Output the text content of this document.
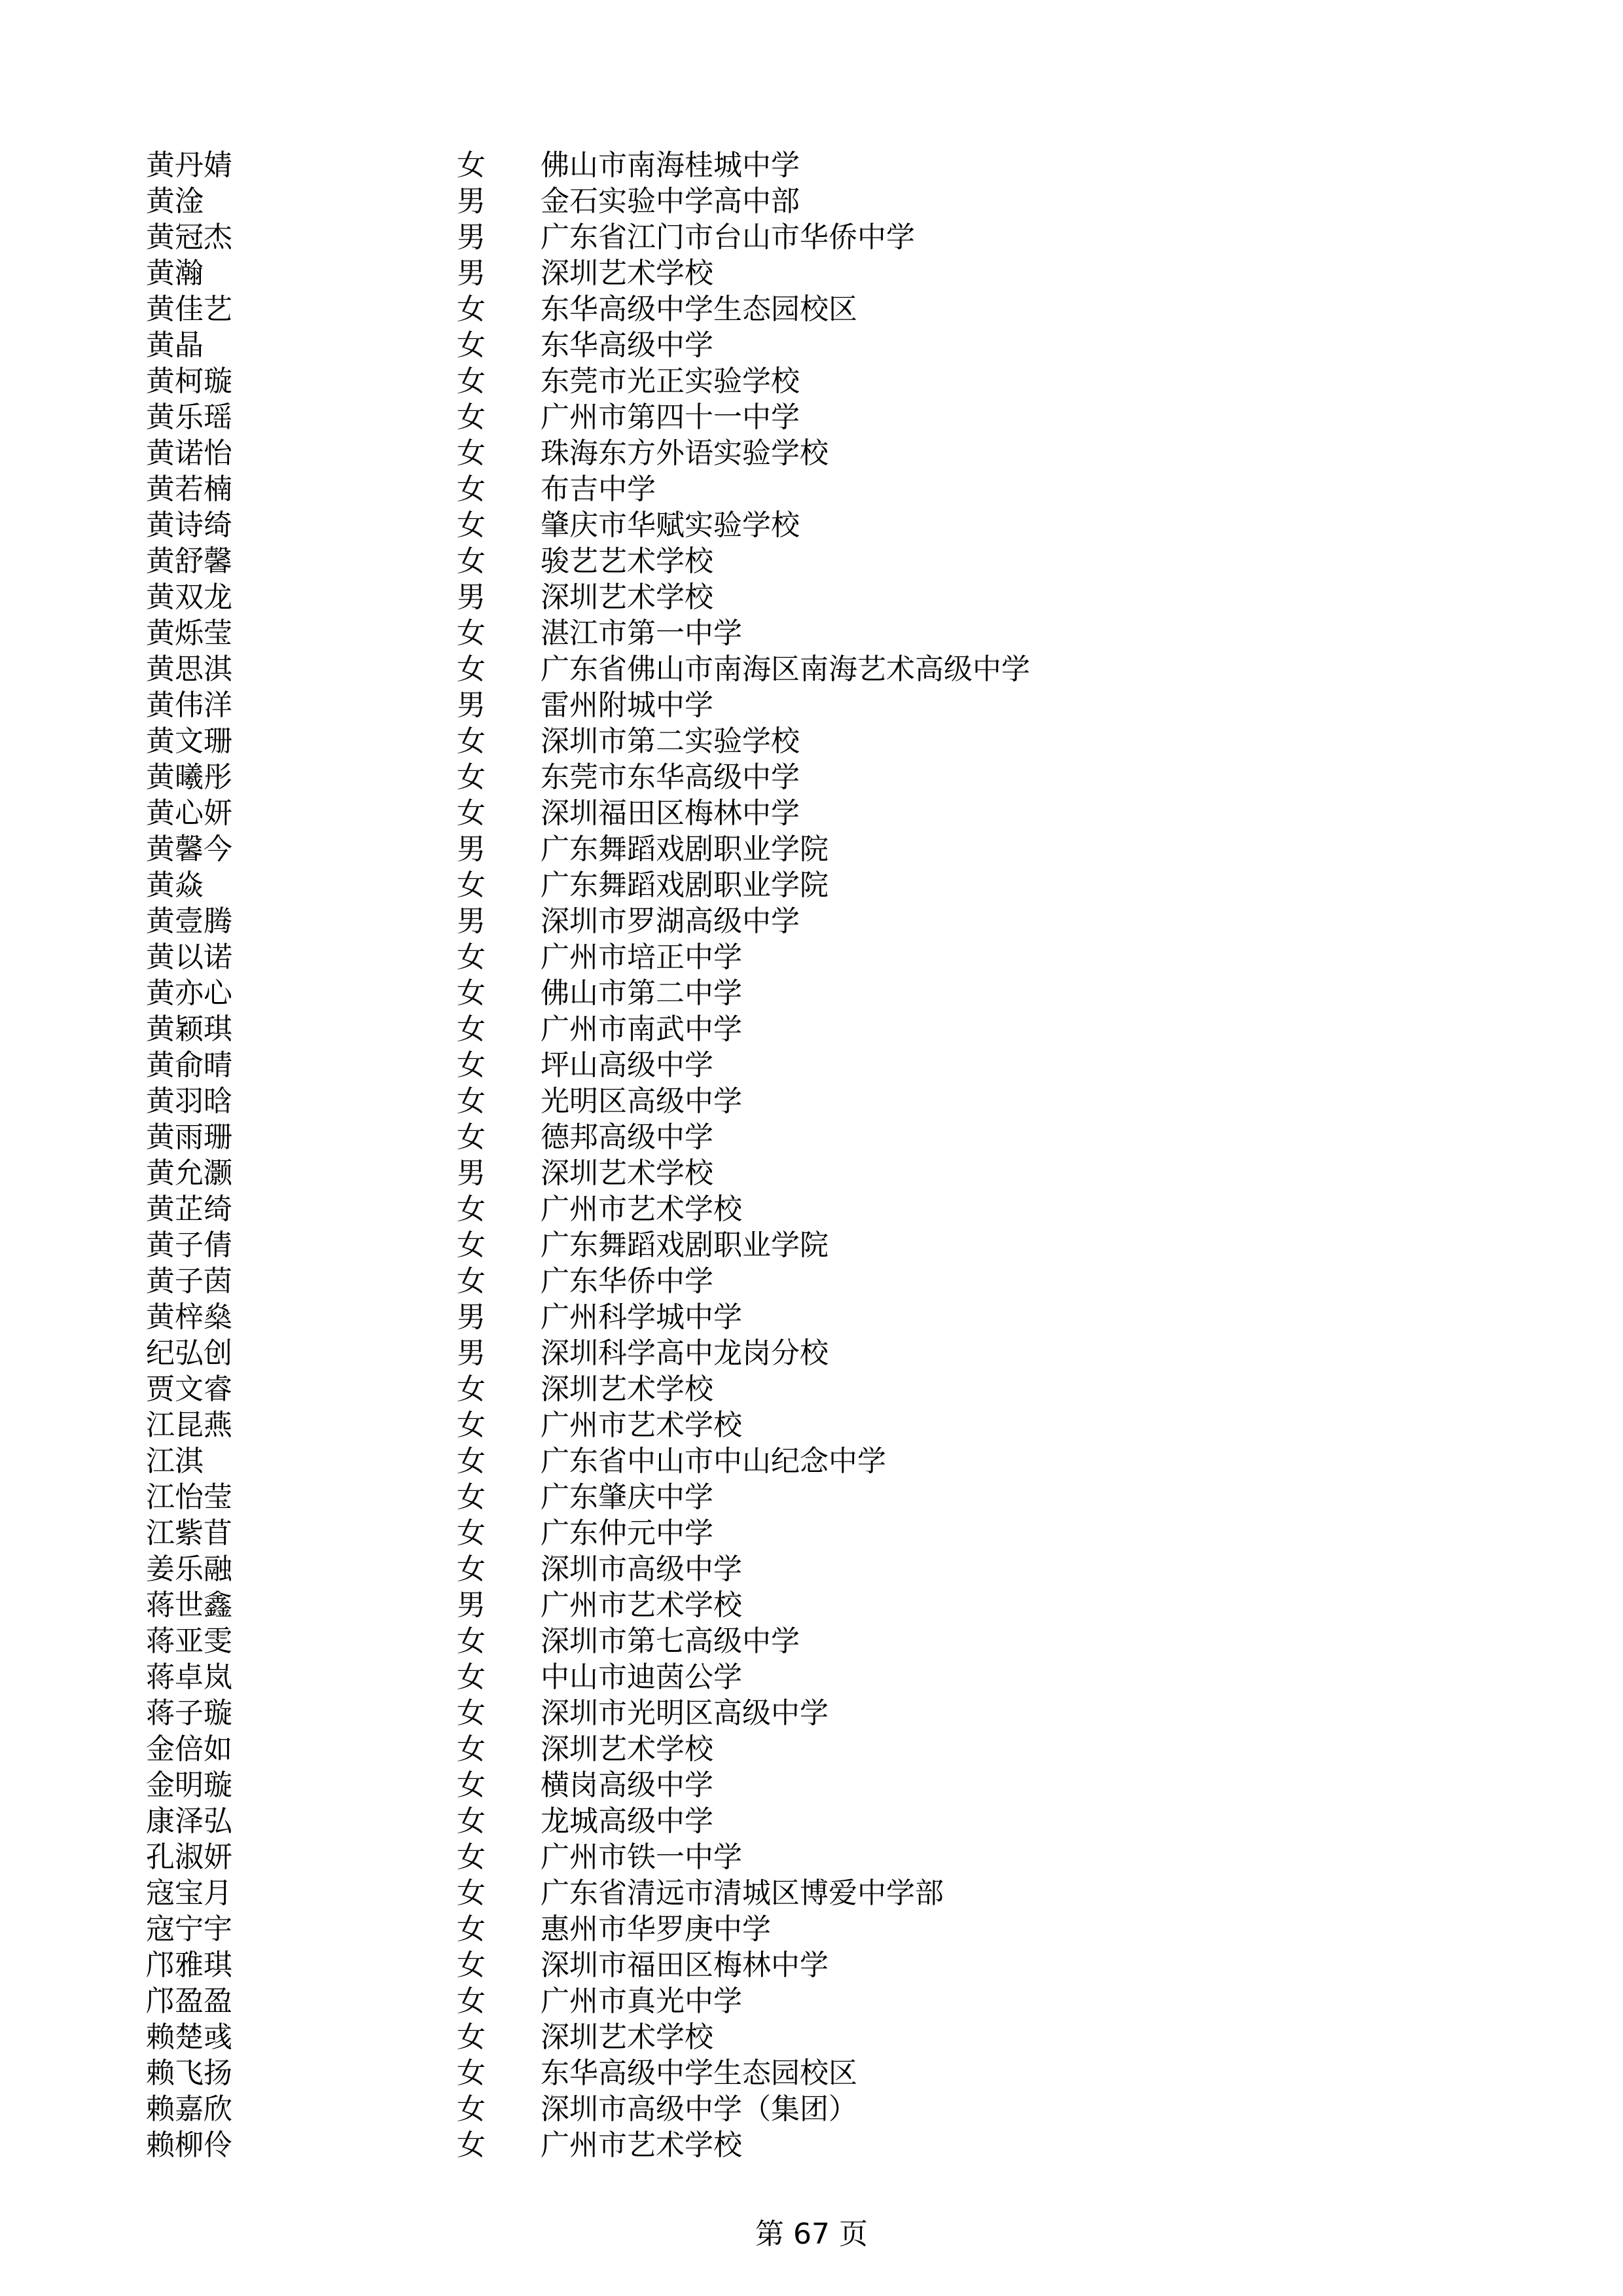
黄丹婧	女 佛山市南海桂城中学
黄淦	男 金石实验中学高中部
黄冠杰	男 广东省江门市台山市华侨中学
黄瀚	男 深圳艺术学校
黄佳艺	女 东华高级中学生态园校区
黄晶	女 东华高级中学
黄柯璇	女 东莞市光正实验学校
黄乐瑶	女 广州市第四十一中学
黄诺怡	女 珠海东方外语实验学校
黄若楠	女 布吉中学
黄诗绮	女 肇庆市华赋实验学校
黄舒馨	女 骏艺艺术学校
黄双龙	男 深圳艺术学校
黄烁莹	女 湛江市第一中学
黄思淇	女 广东省佛山市南海区南海艺术高级中学
黄伟洋	男 雷州附城中学
黄文珊	女 深圳市第二实验学校
黄曦彤	女 东莞市东华高级中学
黄心妍	女 深圳福田区梅林中学
黄馨今	男 广东舞蹈戏剧职业学院
黄焱	女 广东舞蹈戏剧职业学院
黄壹腾	男 深圳市罗湖高级中学
黄以诺	女 广州市培正中学
黄亦心	女 佛山市第二中学
黄颖琪	女 广州市南武中学
黄俞晴	女 坪山高级中学
黄羽晗	女 光明区高级中学
黄雨珊	女 德邦高级中学
黄允灏	男 深圳艺术学校
黄芷绮	女 广州市艺术学校
黄子倩	女 广东舞蹈戏剧职业学院
黄子茵	女 广东华侨中学
黄梓燊	男 广州科学城中学
纪弘创	男 深圳科学高中龙岗分校
贾文睿	女 深圳艺术学校
江昆燕	女 广州市艺术学校
江淇	女 广东省中山市中山纪念中学
江怡莹	女 广东肇庆中学
江紫苜	女 广东仲元中学
姜乐融	女 深圳市高级中学
蒋世鑫	男 广州市艺术学校
蒋亚雯	女 深圳市第七高级中学
蒋卓岚	女 中山市迪茵公学
蒋子璇	女 深圳市光明区高级中学
金倍如	女 深圳艺术学校
金明璇	女 横岗高级中学
康泽弘	女 龙城高级中学
孔淑妍	女 广州市铁一中学
寇宝月	女 广东省清远市清城区博爱中学部
寇宁宇	女 惠州市华罗庚中学
邝雅琪	女 深圳市福田区梅林中学
邝盈盈	女 广州市真光中学
赖楚彧	女 深圳艺术学校
赖飞扬	女 东华高级中学生态园校区
赖嘉欣	女 深圳市高级中学（集团）
赖柳伶	女 广州市艺术学校
第 67 页
